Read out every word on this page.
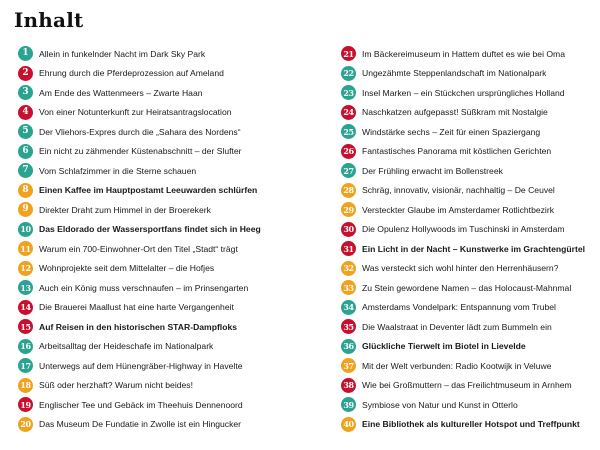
Inhalt
1	Allein in funkelnder Nacht im Dark Sky Park
2	Ehrung durch die Pferdeprozession auf Ameland
3	Am Ende des Wattenmeers – Zwarte Haan
4	Von einer Notunterkunft zur Heiratsantragslocation
5	Der Vliehors-Expres durch die „Sahara des Nordens“
6	Ein nicht zu zähmender Küstenabschnitt – der Slufter
7	Vom Schlafzimmer in die Sterne schauen
8	Einen Kaffee im Hauptpostamt Leeuwarden schlürfen
9	Direkter Draht zum Himmel in der Broerekerk
10 Das Eldorado der Wassersportfans findet sich in Heeg
11 Warum ein 700-Einwohner-Ort den Titel „Stadt“ trägt
12 Wohnprojekte seit dem Mittelalter – die Hofjes
13 Auch ein König muss verschnaufen – im Prinsengarten
14 Die Brauerei Maallust hat eine harte Vergangenheit
15 Auf Reisen in den historischen STAR-Dampfloks
16 Arbeitsalltag der Heideschafe im Nationalpark
17 Unterwegs auf dem Hünengräber-Highway in Havelte
18 Süß oder herzhaft? Warum nicht beides!
19 Englischer Tee und Gebäck im Theehuis Dennenoord
20 Das Museum De Fundatie in Zwolle ist ein Hingucker
21 Im Bäckereimuseum in Hattem duftet es wie bei Oma
22 Ungezähmte Steppenlandschaft im Nationalpark
23 Insel Marken – ein Stückchen ursprüngliches Holland
24 Naschkatzen aufgepasst! Süßkram mit Nostalgie
25 Windstärke sechs – Zeit für einen Spaziergang
26 Fantastisches Panorama mit köstlichen Gerichten
27 Der Frühling erwacht im Bollenstreek
28 Schräg, innovativ, visionär, nachhaltig – De Ceuvel
29 Versteckter Glaube im Amsterdamer Rotlichtbezirk
30 Die Opulenz Hollywoods im Tuschinski in Amsterdam
31 Ein Licht in der Nacht – Kunstwerke im Grachtengürtel
32 Was versteckt sich wohl hinter den Herrenhäusern?
33 Zu Stein gewordene Namen – das Holocaust-Mahnmal
34 Amsterdams Vondelpark: Entspannung vom Trubel
35 Die Waalstraat in Deventer lädt zum Bummeln ein
36 Glückliche Tierwelt im Biotel in Lievelde
37 Mit der Welt verbunden: Radio Kootwijk in Veluwe
38 Wie bei Großmuttern – das Freilichtmuseum in Arnhem
39 Symbiose von Natur und Kunst in Otterlo
40 Eine Bibliothek als kultureller Hotspot und Treffpunkt
